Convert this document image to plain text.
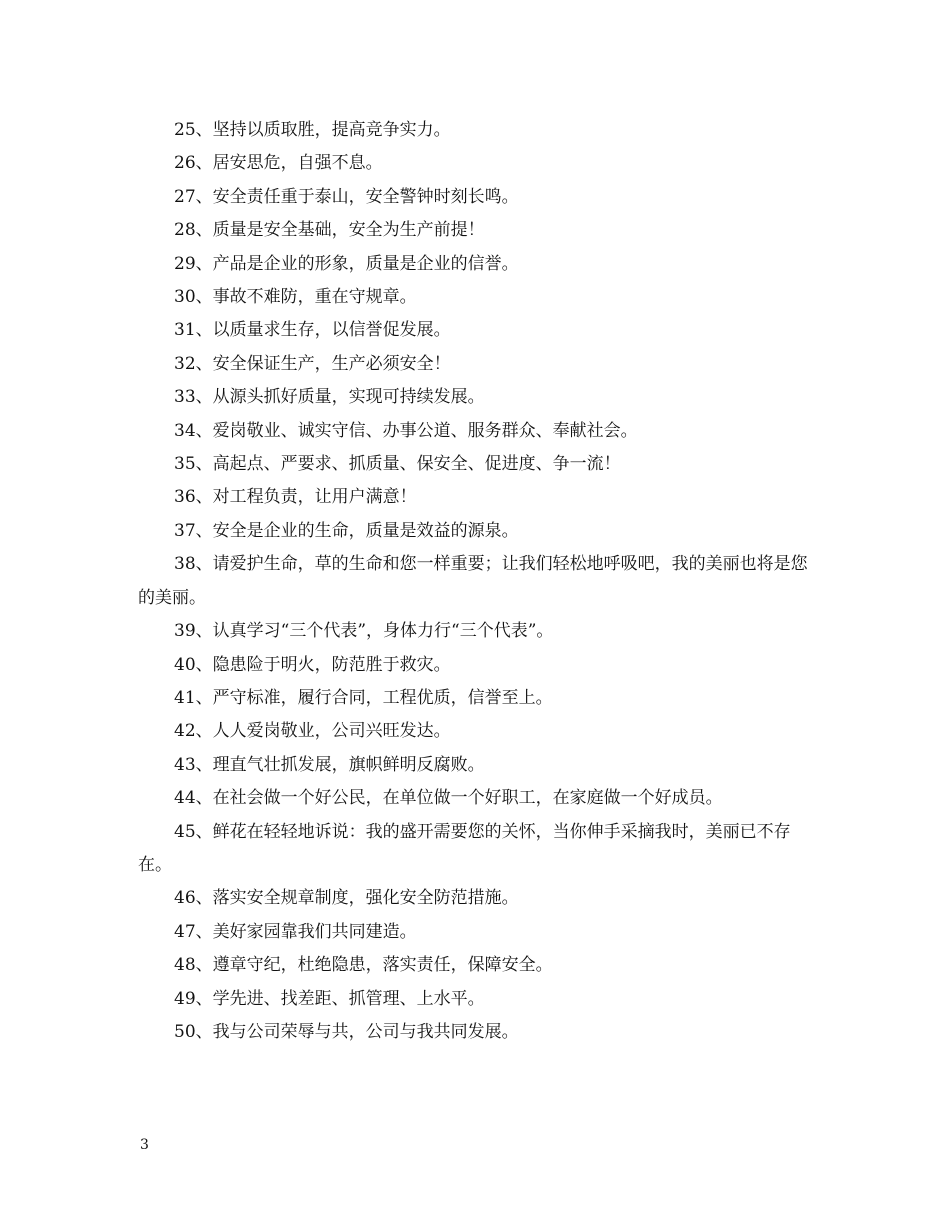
25、坚持以质取胜，提高竞争实力。

26、居安思危，自强不息。

27、安全责任重于泰山，安全警钟时刻长鸣。

28、质量是安全基础，安全为生产前提！

29、产品是企业的形象，质量是企业的信誉。

30、事故不难防，重在守规章。

31、以质量求生存，以信誉促发展。

32、安全保证生产，生产必须安全！

33、从源头抓好质量，实现可持续发展。

34、爱岗敬业、诚实守信、办事公道、服务群众、奉献社会。

35、高起点、严要求、抓质量、保安全、促进度、争一流！

36、对工程负责，让用户满意！

37、安全是企业的生命，质量是效益的源泉。

38、请爱护生命，草的生命和您一样重要；让我们轻松地呼吸吧，我的美丽也将是您的美丽。

39、认真学习“三个代表”，身体力行“三个代表”。

40、隐患险于明火，防范胜于救灾。

41、严守标准，履行合同，工程优质，信誉至上。

42、人人爱岗敬业，公司兴旺发达。

43、理直气壮抓发展，旗帜鲜明反腐败。

44、在社会做一个好公民，在单位做一个好职工，在家庭做一个好成员。

45、鲜花在轻轻地诉说：我的盛开需要您的关怀，当你伸手采摘我时，美丽已不存在。

46、落实安全规章制度，强化安全防范措施。

47、美好家园靠我们共同建造。

48、遵章守纪，杜绝隐患，落实责任，保障安全。

49、学先进、找差距、抓管理、上水平。

50、我与公司荣辱与共，公司与我共同发展。

3
